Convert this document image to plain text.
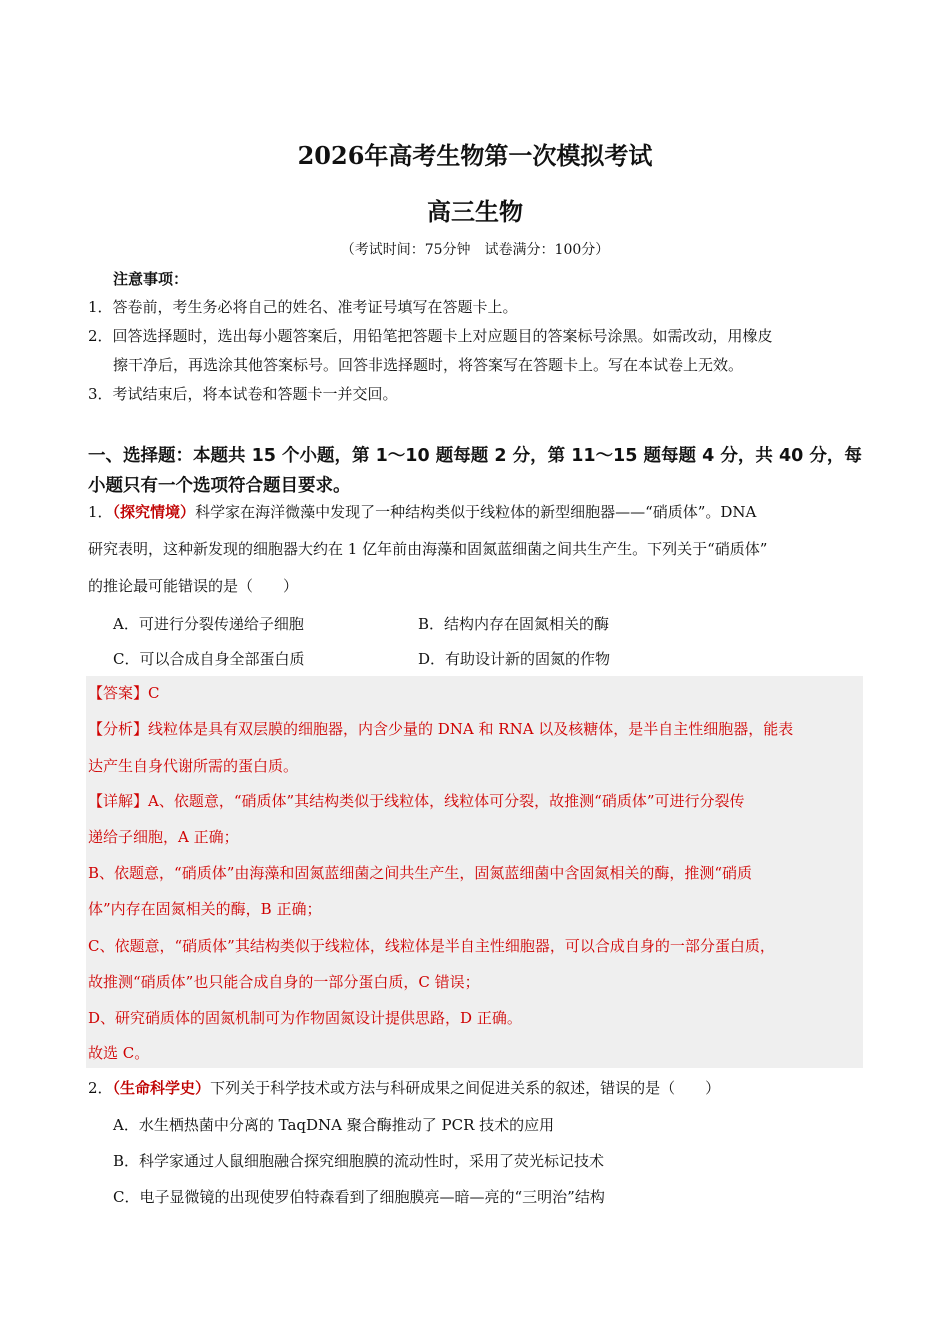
2026年高考生物第一次模拟考试
高三生物
（考试时间：75分钟　试卷满分：100分）
注意事项：
1．答卷前，考生务必将自己的姓名、准考证号填写在答题卡上。
2．回答选择题时，选出每小题答案后，用铅笔把答题卡上对应题目的答案标号涂黑。如需改动，用橡皮
擦干净后，再选涂其他答案标号。回答非选择题时，将答案写在答题卡上。写在本试卷上无效。
3．考试结束后，将本试卷和答题卡一并交回。
一、选择题：本题共 15 个小题，第 1～10 题每题 2 分，第 11～15 题每题 4 分，共 40 分，每
小题只有一个选项符合题目要求。
1．（探究情境）科学家在海洋微藻中发现了一种结构类似于线粒体的新型细胞器——“硝质体”。DNA
研究表明，这种新发现的细胞器大约在 1 亿年前由海藻和固氮蓝细菌之间共生产生。下列关于“硝质体”
的推论最可能错误的是（　　）
A．可进行分裂传递给子细胞	B．结构内存在固氮相关的酶
C．可以合成自身全部蛋白质	D．有助设计新的固氮的作物
【答案】C
【分析】线粒体是具有双层膜的细胞器，内含少量的 DNA 和 RNA 以及核糖体，是半自主性细胞器，能表
达产生自身代谢所需的蛋白质。
【详解】A、依题意，“硝质体”其结构类似于线粒体，线粒体可分裂，故推测“硝质体”可进行分裂传
递给子细胞，A 正确；
B、依题意，“硝质体”由海藻和固氮蓝细菌之间共生产生，固氮蓝细菌中含固氮相关的酶，推测“硝质
体”内存在固氮相关的酶，B 正确；
C、依题意，“硝质体”其结构类似于线粒体，线粒体是半自主性细胞器，可以合成自身的一部分蛋白质，
故推测“硝质体”也只能合成自身的一部分蛋白质，C 错误；
D、研究硝质体的固氮机制可为作物固氮设计提供思路，D 正确。
故选 C。
2．（生命科学史）下列关于科学技术或方法与科研成果之间促进关系的叙述，错误的是（　　）
A．水生栖热菌中分离的 TaqDNA 聚合酶推动了 PCR 技术的应用
B．科学家通过人鼠细胞融合探究细胞膜的流动性时，采用了荧光标记技术
C．电子显微镜的出现使罗伯特森看到了细胞膜亮—暗—亮的“三明治”结构
